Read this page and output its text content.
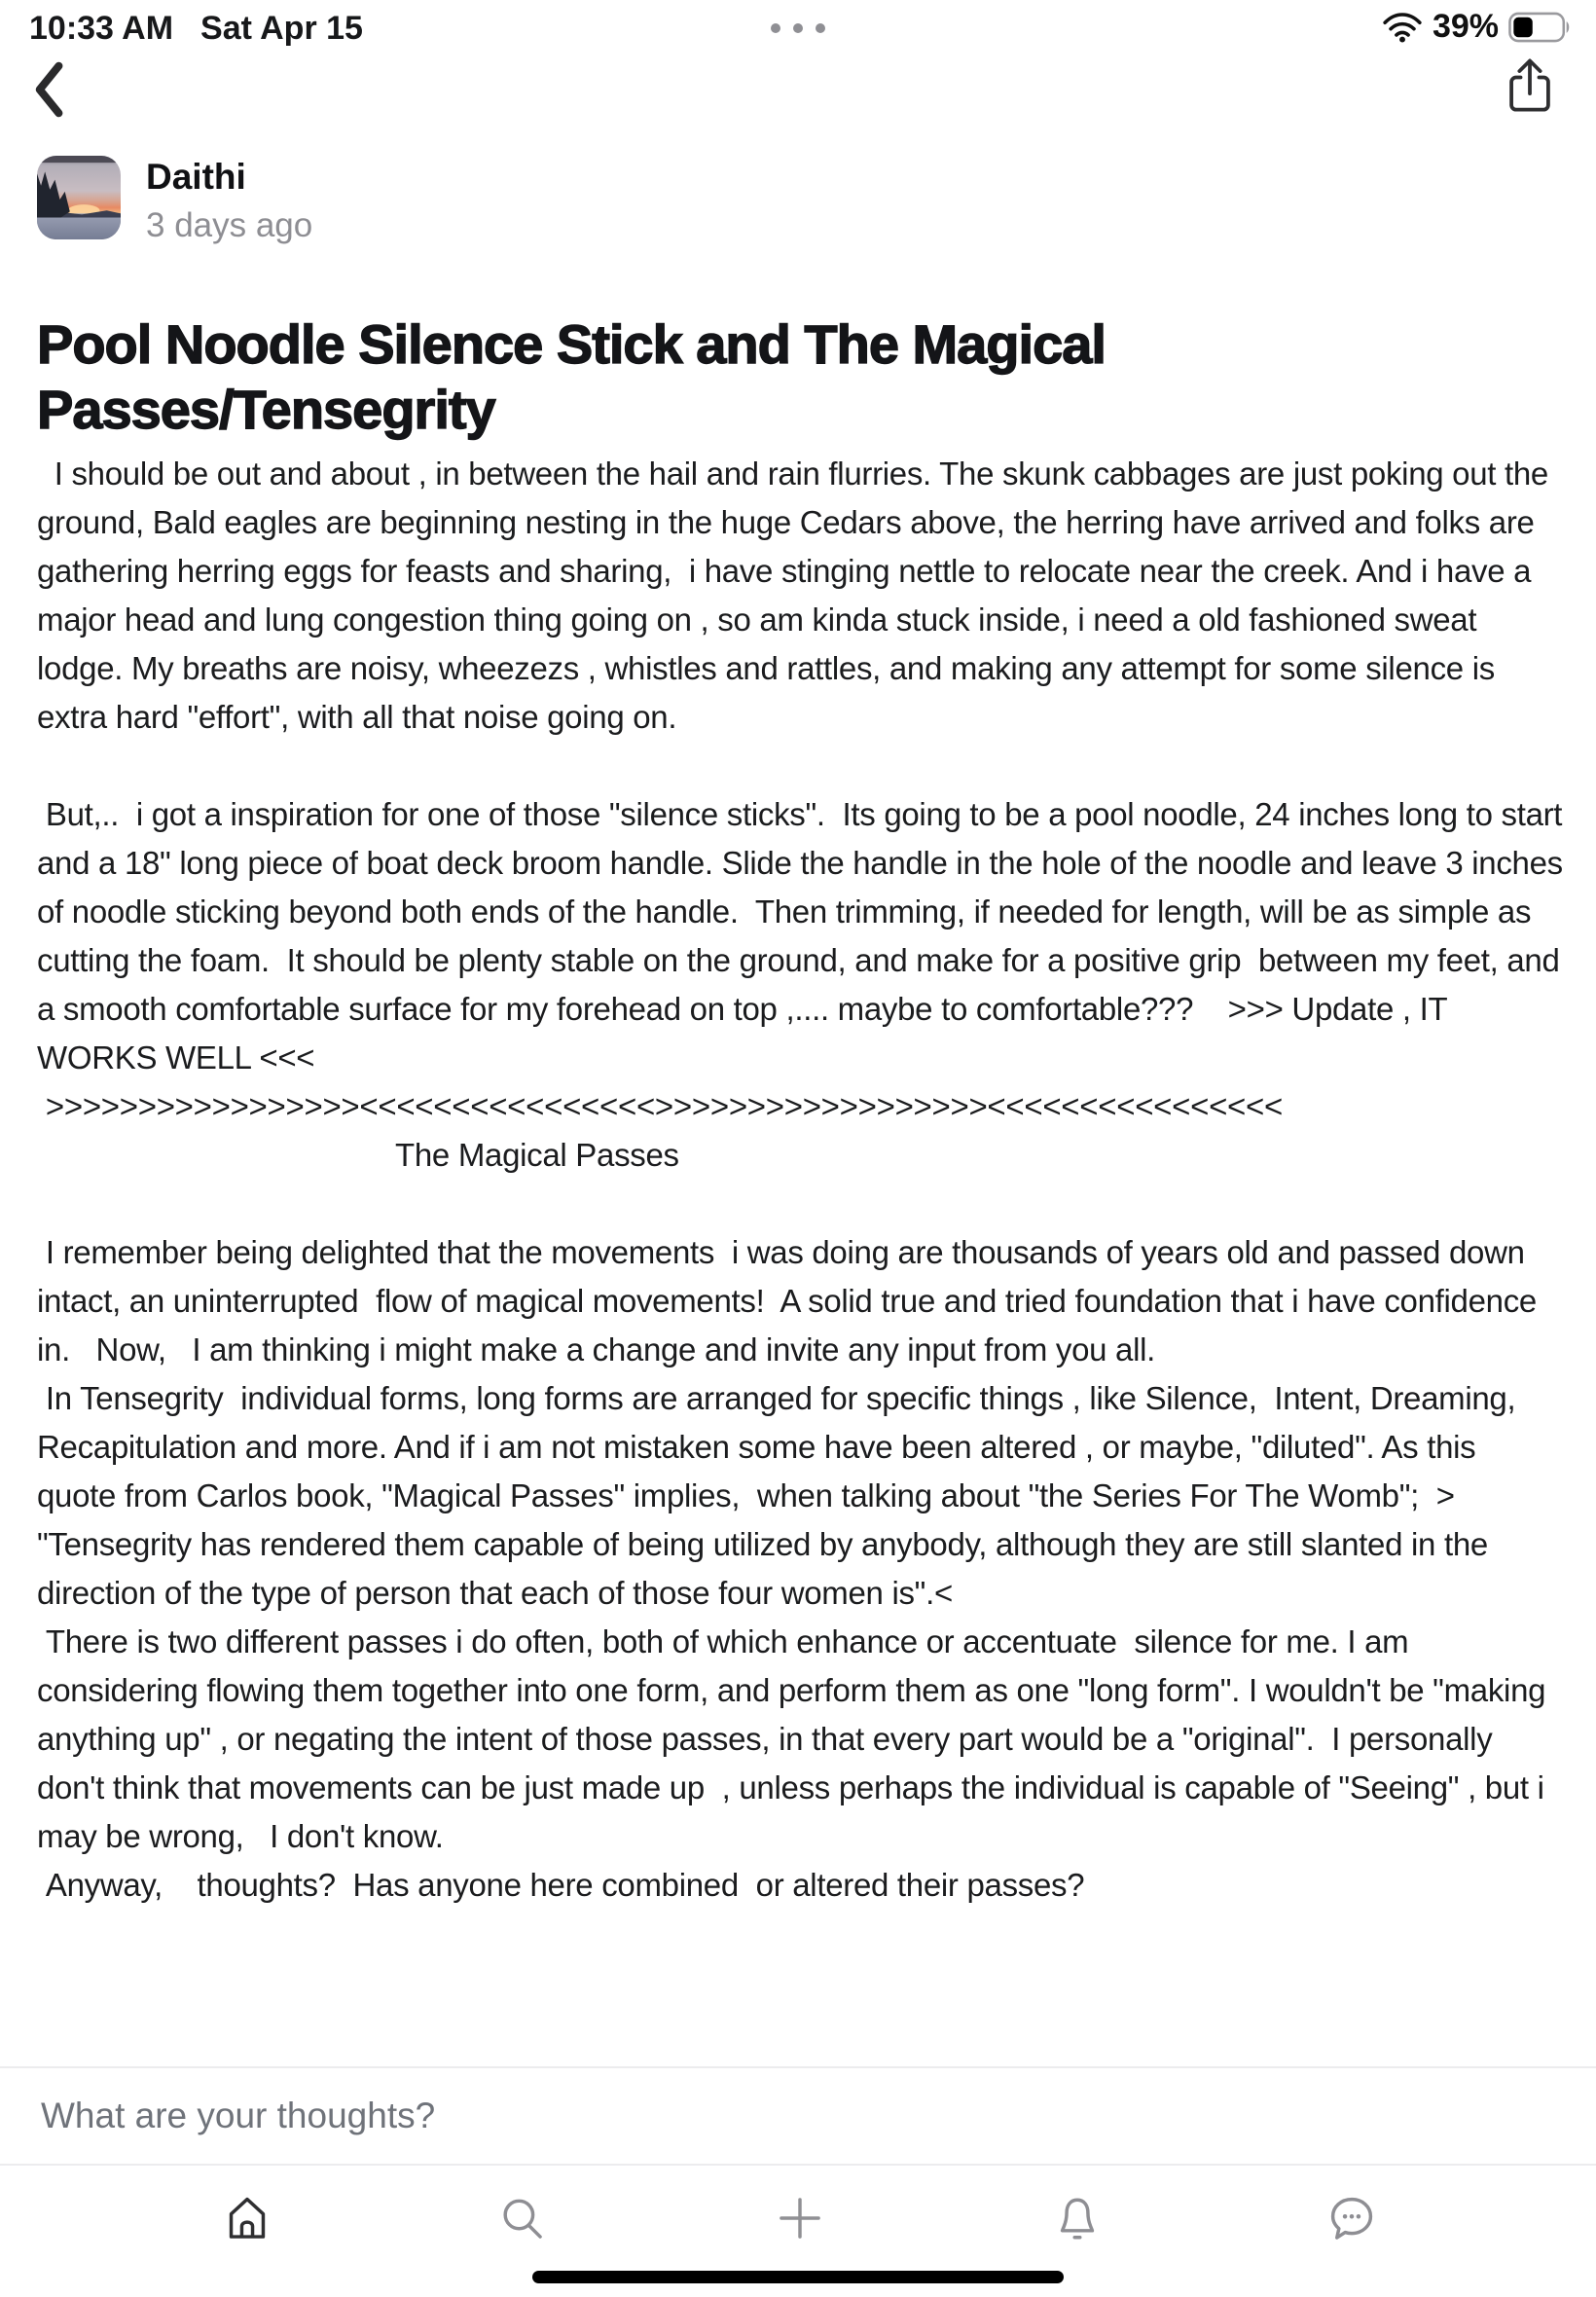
10:33 AM Sat Apr 15	39%
Daithi
3 days ago
Pool Noodle Silence Stick and The Magical Passes/Tensegrity

I should be out and about , in between the hail and rain flurries. The skunk cabbages are just poking out the ground, Bald eagles are beginning nesting in the huge Cedars above, the herring have arrived and folks are gathering herring eggs for feasts and sharing,  i have stinging nettle to relocate near the creek. And i have a major head and lung congestion thing going on , so am kinda stuck inside, i need a old fashioned sweat lodge. My breaths are noisy, wheezezs , whistles and rattles, and making any attempt for some silence is extra hard "effort", with all that noise going on.

But,..  i got a inspiration for one of those "silence sticks".  Its going to be a pool noodle, 24 inches long to start and a 18" long piece of boat deck broom handle. Slide the handle in the hole of the noodle and leave 3 inches of noodle sticking beyond both ends of the handle.  Then trimming, if needed for length, will be as simple as cutting the foam.  It should be plenty stable on the ground, and make for a positive grip  between my feet, and a smooth comfortable surface for my forehead on top ,.... maybe to comfortable???    >>> Update , IT WORKS WELL <<<

>>>>>>>>>>>>>>>>><<<<<<<<<<<<<<<<>>>>>>>>>>>>>>>>>><<<<<<<<<<<<<<<<

The Magical Passes

I remember being delighted that the movements  i was doing are thousands of years old and passed down intact, an uninterrupted  flow of magical movements!  A solid true and tried foundation that i have confidence in.   Now,   I am thinking i might make a change and invite any input from you all.

In Tensegrity  individual forms, long forms are arranged for specific things , like Silence,  Intent, Dreaming, Recapitulation and more. And if i am not mistaken some have been altered , or maybe, "diluted". As this quote from Carlos book, "Magical Passes" implies,  when talking about "the Series For The Womb";  > "Tensegrity has rendered them capable of being utilized by anybody, although they are still slanted in the direction of the type of person that each of those four women is".<

There is two different passes i do often, both of which enhance or accentuate  silence for me. I am considering flowing them together into one form, and perform them as one "long form". I wouldn't be "making anything up" , or negating the intent of those passes, in that every part would be a "original".  I personally don't think that movements can be just made up  , unless perhaps the individual is capable of "Seeing" , but i may be wrong,   I don't know.

Anyway,    thoughts?  Has anyone here combined  or altered their passes?

What are your thoughts?
